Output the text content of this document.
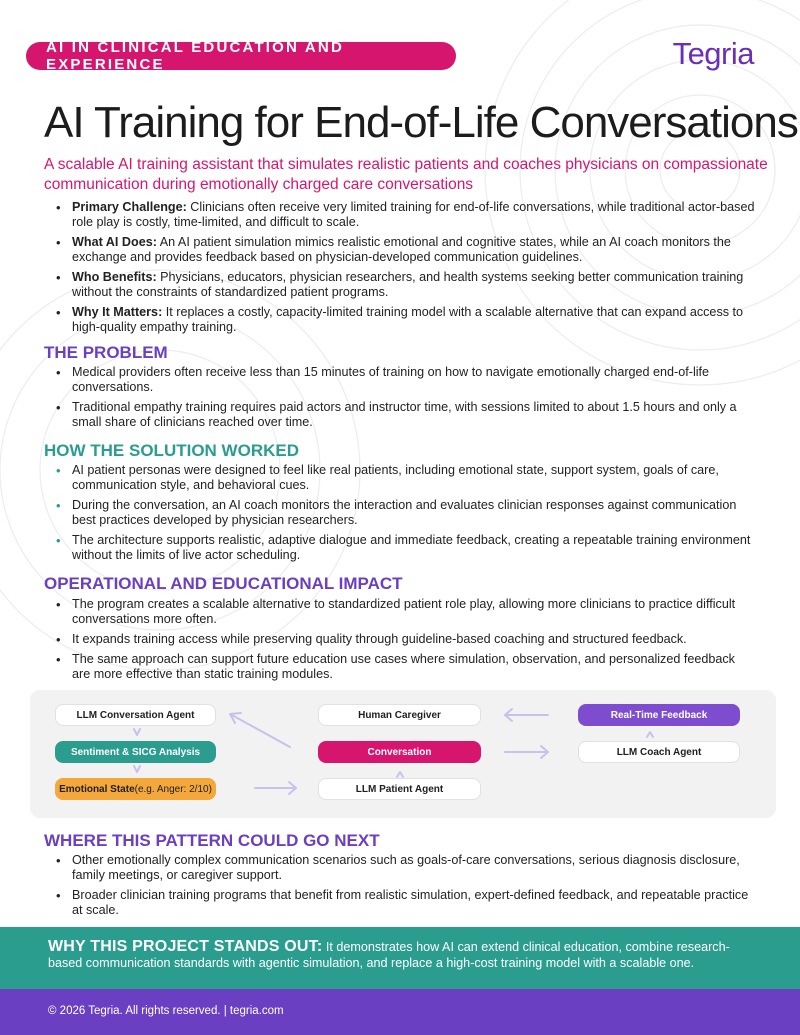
AI IN CLINICAL EDUCATION AND EXPERIENCE	Tegria
AI Training for End-of-Life Conversations
A scalable AI training assistant that simulates realistic patients and coaches physicians on compassionate communication during emotionally charged care conversations
• Primary Challenge: Clinicians often receive very limited training for end-of-life conversations, while traditional actor-based role play is costly, time-limited, and difficult to scale.
• What AI Does: An AI patient simulation mimics realistic emotional and cognitive states, while an AI coach monitors the exchange and provides feedback based on physician-developed communication guidelines.
• Who Benefits: Physicians, educators, physician researchers, and health systems seeking better communication training without the constraints of standardized patient programs.
• Why It Matters: It replaces a costly, capacity-limited training model with a scalable alternative that can expand access to high-quality empathy training.
THE PROBLEM
• Medical providers often receive less than 15 minutes of training on how to navigate emotionally charged end-of-life conversations.
• Traditional empathy training requires paid actors and instructor time, with sessions limited to about 1.5 hours and only a small share of clinicians reached over time.
HOW THE SOLUTION WORKED
• AI patient personas were designed to feel like real patients, including emotional state, support system, goals of care, communication style, and behavioral cues.
• During the conversation, an AI coach monitors the interaction and evaluates clinician responses against communication best practices developed by physician researchers.
• The architecture supports realistic, adaptive dialogue and immediate feedback, creating a repeatable training environment without the limits of live actor scheduling.
OPERATIONAL AND EDUCATIONAL IMPACT
• The program creates a scalable alternative to standardized patient role play, allowing more clinicians to practice difficult conversations more often.
• It expands training access while preserving quality through guideline-based coaching and structured feedback.
• The same approach can support future education use cases where simulation, observation, and personalized feedback are more effective than static training modules.
LLM Conversation Agent
Sentiment & SICG Analysis
Emotional State (e.g. Anger: 2/10)
Human Caregiver
Conversation
LLM Patient Agent
Real-Time Feedback
LLM Coach Agent
WHERE THIS PATTERN COULD GO NEXT
• Other emotionally complex communication scenarios such as goals-of-care conversations, serious diagnosis disclosure, family meetings, or caregiver support.
• Broader clinician training programs that benefit from realistic simulation, expert-defined feedback, and repeatable practice at scale.
WHY THIS PROJECT STANDS OUT: It demonstrates how AI can extend clinical education, combine research-based communication standards with agentic simulation, and replace a high-cost training model with a scalable one.
© 2026 Tegria. All rights reserved. | tegria.com
